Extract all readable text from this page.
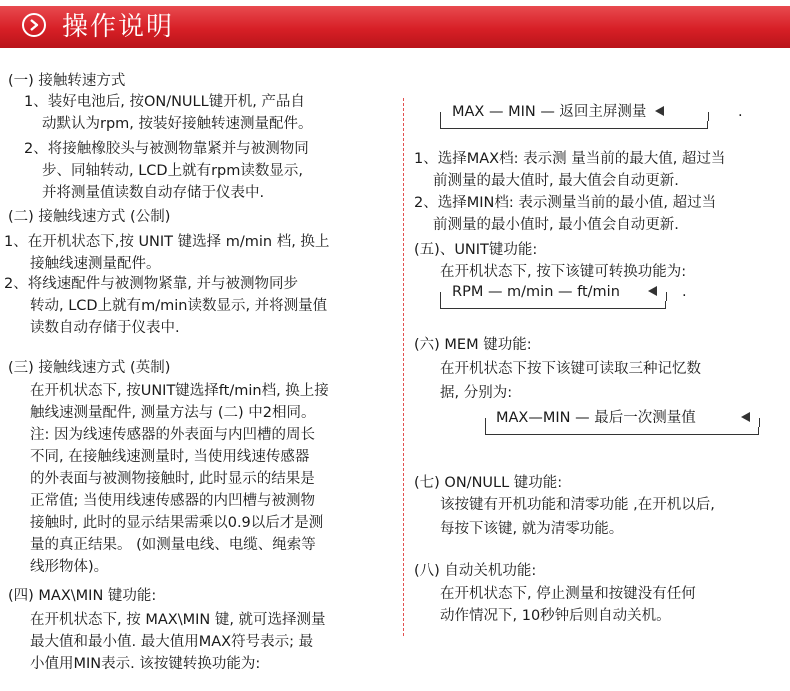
操作说明
(一) 接触转速方式
1、装好电池后, 按ON/NULL键开机, 产品自
动默认为rpm, 按装好接触转速测量配件。
2、将接触橡胶头与被测物靠紧并与被测物同
步、同轴转动, LCD上就有rpm读数显示,
并将测量值读数自动存储于仪表中.
(二) 接触线速方式 (公制)
1、在开机状态下,按 UNIT 键选择 m/min 档, 换上
接触线速测量配件。
2、将线速配件与被测物紧靠, 并与被测物同步
转动, LCD上就有m/min读数显示, 并将测量值
读数自动存储于仪表中.
(三) 接触线速方式 (英制)
在开机状态下, 按UNIT键选择ft/min档, 换上接
触线速测量配件, 测量方法与 (二) 中2相同。
注: 因为线速传感器的外表面与内凹槽的周长
不同, 在接触线速测量时, 当使用线速传感器
的外表面与被测物接触时, 此时显示的结果是
正常值; 当使用线速传感器的内凹槽与被测物
接触时, 此时的显示结果需乘以0.9以后才是测
量的真正结果。 (如测量电线、电缆、绳索等
线形物体)。
(四) MAX\MIN 键功能:
在开机状态下, 按 MAX\MIN 键, 就可选择测量
最大值和最小值. 最大值用MAX符号表示; 最
小值用MIN表示. 该按键转换功能为:
MAX — MIN — 返回主屏测量	.
1、选择MAX档: 表示测 量当前的最大值, 超过当
前测量的最大值时, 最大值会自动更新.
2、选择MIN档: 表示测量当前的最小值, 超过当
前测量的最小值时, 最小值会自动更新.
(五)、UNIT键功能:
在开机状态下, 按下该键可转换功能为:
RPM — m/min — ft/min	.
(六) MEM 键功能:
在开机状态下按下该键可读取三种记忆数
据, 分别为:
MAX—MIN — 最后一次测量值
(七) ON/NULL 键功能:
该按键有开机功能和清零功能 ,在开机以后,
每按下该键, 就为清零功能。
(八) 自动关机功能:
在开机状态下, 停止测量和按键没有任何
动作情况下, 10秒钟后则自动关机。
